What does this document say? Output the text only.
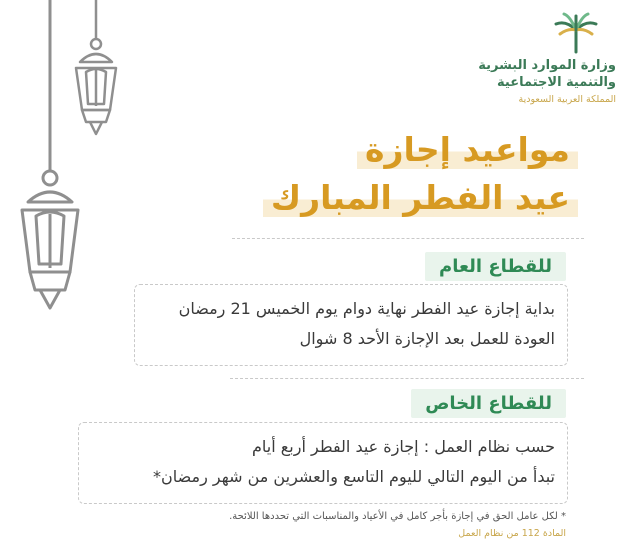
وزارة الموارد البشرية
والتنمية الاجتماعية
المملكة العربية السعودية
مواعيد إجازة
عيد الفطر المبارك
للقطاع العام
بداية إجازة عيد الفطر نهاية دوام يوم الخميس 21 رمضان
العودة للعمل بعد الإجازة الأحد 8 شوال
للقطاع الخاص
حسب نظام العمل : إجازة عيد الفطر أربع أيام
تبدأ من اليوم التالي لليوم التاسع والعشرين من شهر رمضان*
* لكل عامل الحق في إجازة بأجر كامل في الأعياد والمناسبات التي تحددها اللائحة.
المادة 112 من نظام العمل
